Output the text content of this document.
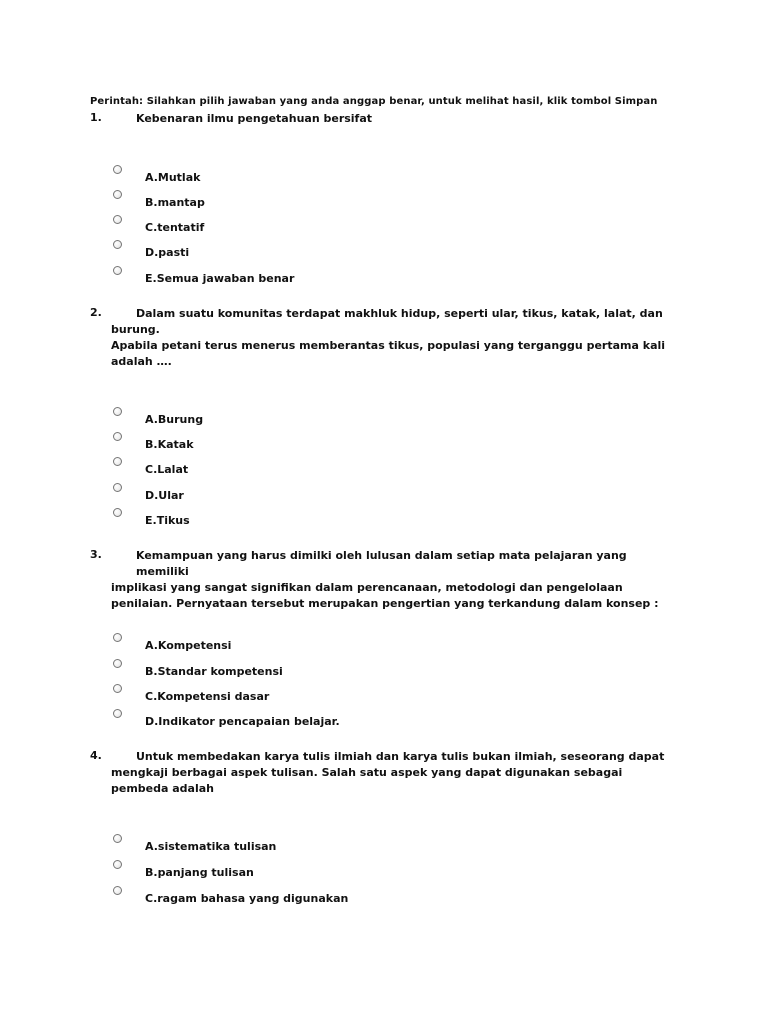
Perintah: Silahkan pilih jawaban yang anda anggap benar, untuk melihat hasil, klik tombol Simpan
1.	Kebenaran ilmu pengetahuan bersifat
A.Mutlak
B.mantap
C.tentatif
D.pasti
E.Semua jawaban benar
2.	Dalam suatu komunitas terdapat makhluk hidup, seperti ular, tikus, katak, lalat, dan
burung.
Apabila petani terus menerus memberantas tikus, populasi yang terganggu pertama kali
adalah ….
A.Burung
B.Katak
C.Lalat
D.Ular
E.Tikus
3.	Kemampuan yang harus dimilki oleh lulusan dalam setiap mata pelajaran yang memiliki
implikasi yang sangat signifikan dalam perencanaan, metodologi dan pengelolaan
penilaian. Pernyataan tersebut merupakan pengertian yang terkandung dalam konsep :
A.Kompetensi
B.Standar kompetensi
C.Kompetensi dasar
D.Indikator pencapaian belajar.
4.	Untuk membedakan karya tulis ilmiah dan karya tulis bukan ilmiah, seseorang dapat
mengkaji berbagai aspek tulisan. Salah satu aspek yang dapat digunakan sebagai
pembeda adalah
A.sistematika tulisan
B.panjang tulisan
C.ragam bahasa yang digunakan
